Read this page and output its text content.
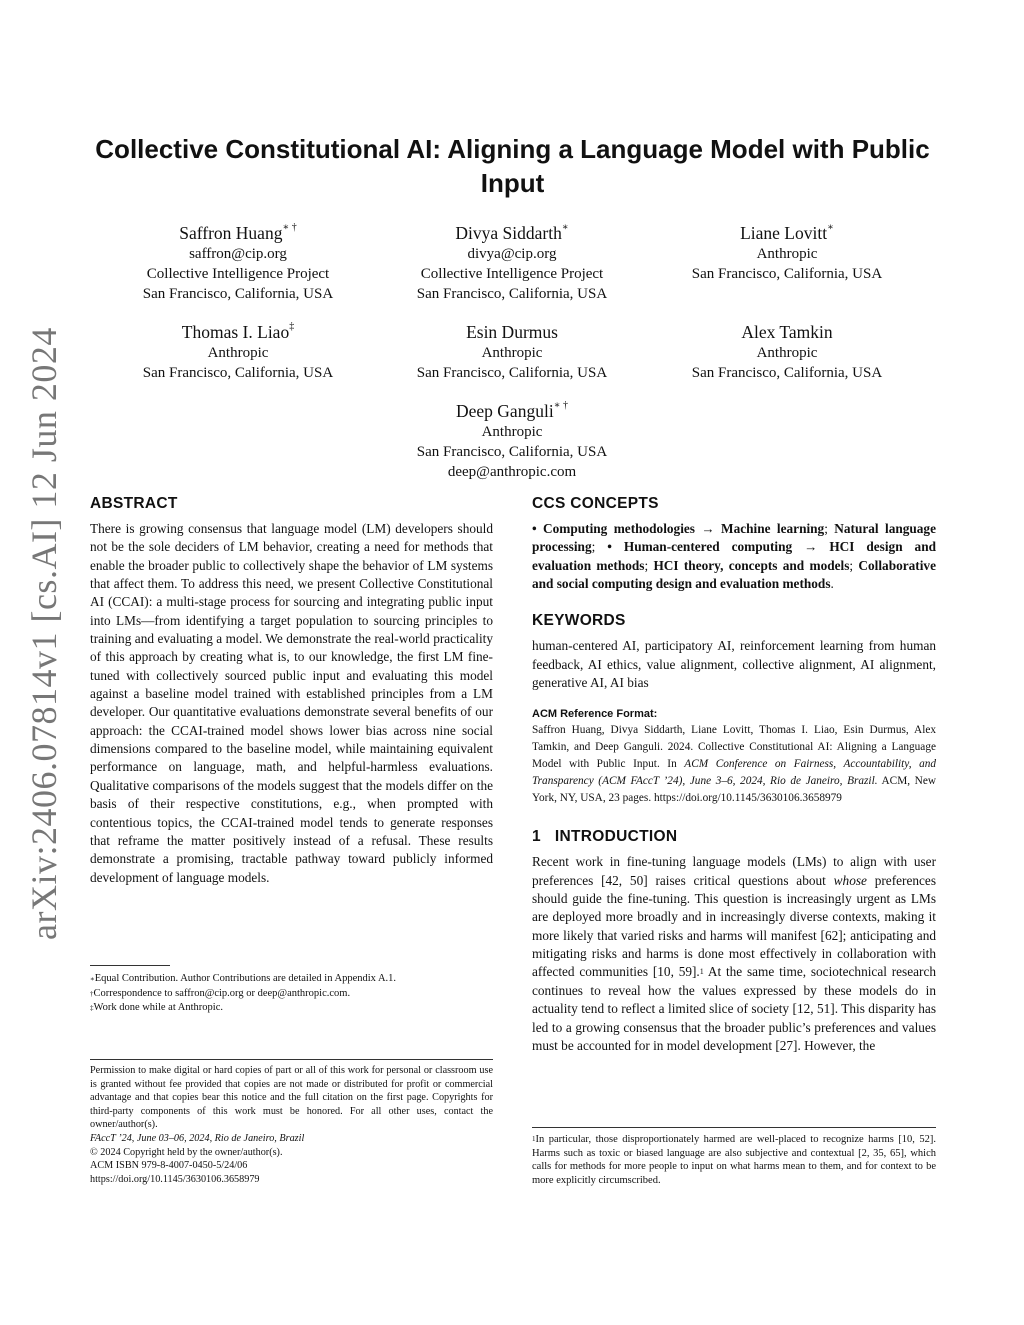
arXiv:2406.07814v1 [cs.AI] 12 Jun 2024
Collective Constitutional AI: Aligning a Language Model with Public Input
Saffron Huang∗ †
saffron@cip.org
Collective Intelligence Project
San Francisco, California, USA
Divya Siddarth∗
divya@cip.org
Collective Intelligence Project
San Francisco, California, USA
Liane Lovitt∗
Anthropic
San Francisco, California, USA
Thomas I. Liao‡
Anthropic
San Francisco, California, USA
Esin Durmus
Anthropic
San Francisco, California, USA
Alex Tamkin
Anthropic
San Francisco, California, USA
Deep Ganguli∗ †
Anthropic
San Francisco, California, USA
deep@anthropic.com
ABSTRACT

There is growing consensus that language model (LM) developers should not be the sole deciders of LM behavior, creating a need for methods that enable the broader public to collectively shape the behavior of LM systems that affect them. To address this need, we present Collective Constitutional AI (CCAI): a multi-stage process for sourcing and integrating public input into LMs—from identifying a target population to sourcing principles to training and evaluating a model. We demonstrate the real-world practicality of this approach by creating what is, to our knowledge, the first LM fine-tuned with collectively sourced public input and evaluating this model against a baseline model trained with established principles from a LM developer. Our quantitative evaluations demonstrate several benefits of our approach: the CCAI-trained model shows lower bias across nine social dimensions compared to the baseline model, while maintaining equivalent performance on language, math, and helpful-harmless evaluations. Qualitative comparisons of the models suggest that the models differ on the basis of their respective constitutions, e.g., when prompted with contentious topics, the CCAI-trained model tends to generate responses that reframe the matter positively instead of a refusal. These results demonstrate a promising, tractable pathway toward publicly informed development of language models.

∗Equal Contribution. Author Contributions are detailed in Appendix A.1.
†Correspondence to saffron@cip.org or deep@anthropic.com.
‡Work done while at Anthropic.
Permission to make digital or hard copies of part or all of this work for personal or classroom use is granted without fee provided that copies are not made or distributed for profit or commercial advantage and that copies bear this notice and the full citation on the first page. Copyrights for third-party components of this work must be honored. For all other uses, contact the owner/author(s).
FAccT ’24, June 03–06, 2024, Rio de Janeiro, Brazil
© 2024 Copyright held by the owner/author(s).
ACM ISBN 979-8-4007-0450-5/24/06
https://doi.org/10.1145/3630106.3658979
CCS CONCEPTS

• Computing methodologies → Machine learning; Natural language processing; • Human-centered computing → HCI design and evaluation methods; HCI theory, concepts and models; Collaborative and social computing design and evaluation methods.

KEYWORDS

human-centered AI, participatory AI, reinforcement learning from human feedback, AI ethics, value alignment, collective alignment, AI alignment, generative AI, AI bias

ACM Reference Format:

Saffron Huang, Divya Siddarth, Liane Lovitt, Thomas I. Liao, Esin Durmus, Alex Tamkin, and Deep Ganguli. 2024. Collective Constitutional AI: Aligning a Language Model with Public Input. In ACM Conference on Fairness, Accountability, and Transparency (ACM FAccT ’24), June 3–6, 2024, Rio de Janeiro, Brazil. ACM, New York, NY, USA, 23 pages. https://doi.org/10.1145/3630106.3658979

1 INTRODUCTION

Recent work in fine-tuning language models (LMs) to align with user preferences [42, 50] raises critical questions about whose preferences should guide the fine-tuning. This question is increasingly urgent as LMs are deployed more broadly and in increasingly diverse contexts, making it more likely that varied risks and harms will manifest [62]; anticipating and mitigating risks and harms is done most effectively in collaboration with affected communities [10, 59].$^1$ At the same time, sociotechnical research continues to reveal how the values expressed by these models do in actuality tend to reflect a limited slice of society [12, 51]. This disparity has led to a growing consensus that the broader public’s preferences and values must be accounted for in model development [27]. However, the

$^1$In particular, those disproportionately harmed are well-placed to recognize harms [10, 52]. Harms such as toxic or biased language are also subjective and contextual [2, 35, 65], which calls for methods for more people to input on what harms mean to them, and for context to be more explicitly circumscribed.
